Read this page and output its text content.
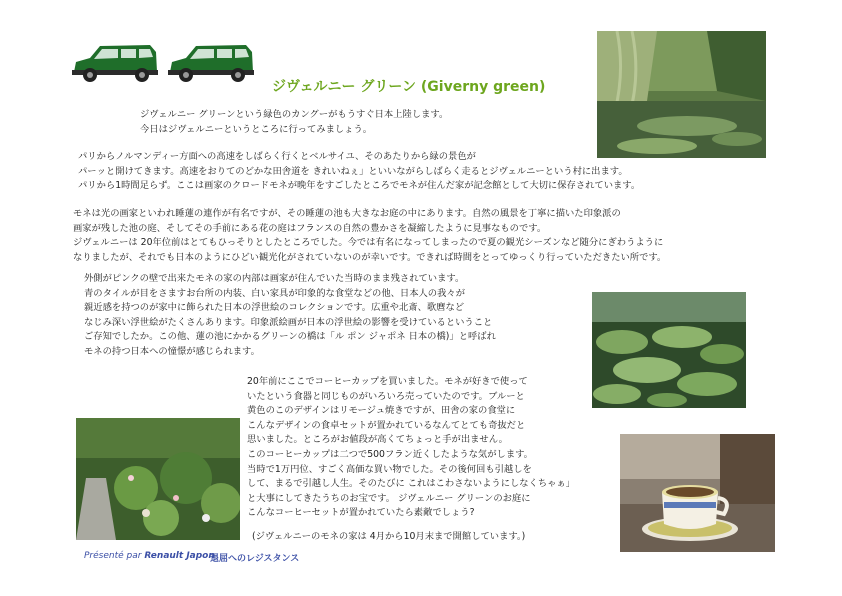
ジヴェルニー グリーン (Giverny green)
ジヴェルニー グリーンという緑色のカングーがもうすぐ日本上陸します。
今日はジヴェルニーというところに行ってみましょう。
パリからノルマンディー方面への高速をしばらく行くとベルサイユ、そのあたりから緑の景色が
パーッと開けてきます。高速をおりてのどかな田舎道を きれいねぇ」といいながらしばらく走るとジヴェルニーという村に出ます。
パリから1時間足らず。ここは画家のクロードモネが晩年をすごしたところでモネが住んだ家が記念館として大切に保存されています。
モネは光の画家といわれ睡蓮の連作が有名ですが、その睡蓮の池も大きなお庭の中にあります。自然の風景を丁寧に描いた印象派の
画家が残した池の庭、そしてその手前にある花の庭はフランスの自然の豊かさを凝縮したように見事なものです。
ジヴェルニーは 20年位前はとてもひっそりとしたところでした。今では有名になってしまったので夏の観光シーズンなど随分にぎわうように
なりましたが、それでも日本のようにひどい観光化がされていないのが幸いです。できれば時間をとってゆっくり行っていただきたい所です。
外側がピンクの壁で出来たモネの家の内部は画家が住んでいた当時のまま残されています。
青のタイルが目をさますお台所の内装、白い家具が印象的な食堂などの他、日本人の我々が
親近感を持つのが家中に飾られた日本の浮世絵のコレクションです。広重や北斎、歌麿など
なじみ深い浮世絵がたくさんあります。印象派絵画が日本の浮世絵の影響を受けているということ
ご存知でしたか。この他、蓮の池にかかるグリーンの橋は「ル ポン ジャポネ 日本の橋)」と呼ばれ
モネの持つ日本への憧憬が感じられます。
20年前にここでコーヒーカップを買いました。モネが好きで使って
いたという食器と同じものがいろいろ売っていたのです。ブルーと
黄色のこのデザインはリモージュ焼きですが、田舎の家の食堂に
こんなデザインの食卓セットが置かれているなんてとても奇抜だと
思いました。ところがお値段が高くてちょっと手が出ません。
このコーヒーカップは二つで500フラン近くしたような気がします。
当時で1万円位、すごく高価な買い物でした。その後何回も引越しを
して、まるで引越し人生。そのたびに これはこわさないようにしなくちゃぁ」
と大事にしてきたうちのお宝です。 ジヴェルニー グリーンのお庭に
こんなコーヒーセットが置かれていたら素敵でしょう?
(ジヴェルニーのモネの家は 4月から10月末まで開館しています。)
Présenté par Renault Japon
退屈へのレジスタンス
